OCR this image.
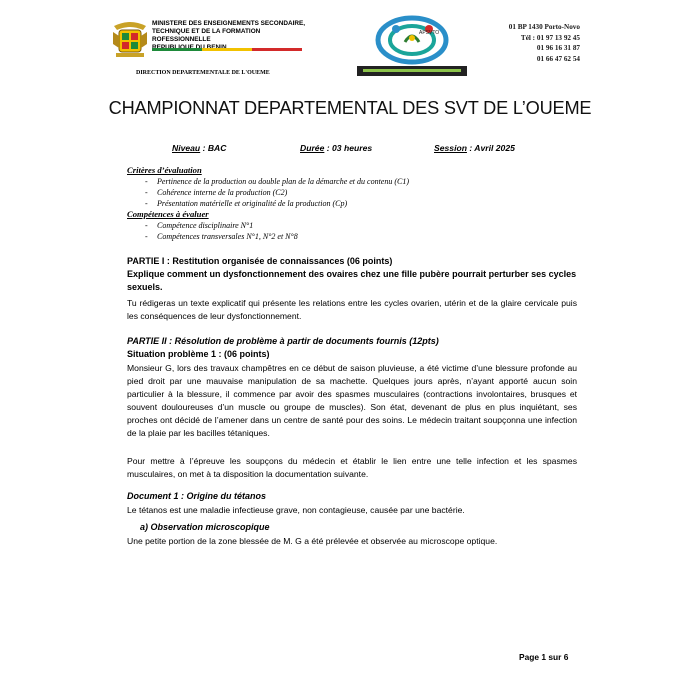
MINISTERE DES ENSEIGNEMENTS SECONDAIRE,
TECHNIQUE ET DE LA FORMATION ROFESSIONNELLE
DIRECTION DEPARTEMENTALE DE L'OUEME
APSVTO
01 BP 1430 Porto-Novo
Tél : 01 97 13 92 45
01 96 16 31 87
01 66 47 62 54
CHAMPIONNAT DEPARTEMENTAL DES SVT DE L’OUEME
Niveau : BAC	Durée : 03 heures	Session : Avril 2025
Critères d’évaluation
- Pertinence de la production ou double plan de la démarche et du contenu (C1)
- Cohérence interne de la production (C2)
- Présentation matérielle et originalité de la production (Cp)
Compétences à évaluer
- Compétence disciplinaire N°1
- Compétences transversales N°1, N°2 et N°8
PARTIE I : Restitution organisée de connaissances (06 points)
Explique comment un dysfonctionnement des ovaires chez une fille pubère pourrait perturber ses cycles sexuels.
Tu rédigeras un texte explicatif qui présente les relations entre les cycles ovarien, utérin et de la glaire cervicale puis les conséquences de leur dysfonctionnement.
PARTIE II : Résolution de problème à partir de documents fournis (12pts)
Situation problème 1 : (06 points)
Monsieur G, lors des travaux champêtres en ce début de saison pluvieuse, a été victime d’une blessure profonde au pied droit par une mauvaise manipulation de sa machette. Quelques jours après, n’ayant apporté aucun soin particulier à la blessure, il commence par avoir des spasmes musculaires (contractions involontaires, brusques et souvent douloureuses d’un muscle ou groupe de muscles). Son état, devenant de plus en plus inquiétant, ses proches ont décidé de l’amener dans un centre de santé pour des soins. Le médecin traitant soupçonna une infection de la plaie par les bacilles tétaniques.
Pour mettre à l’épreuve les soupçons du médecin et établir le lien entre une telle infection et les spasmes musculaires, on met à ta disposition la documentation suivante.
Document 1 : Origine du tétanos
Le tétanos est une maladie infectieuse grave, non contagieuse, causée par une bactérie.
a) Observation microscopique
Une petite portion de la zone blessée de M. G a été prélevée et observée au microscope optique.
Page 1 sur 6
